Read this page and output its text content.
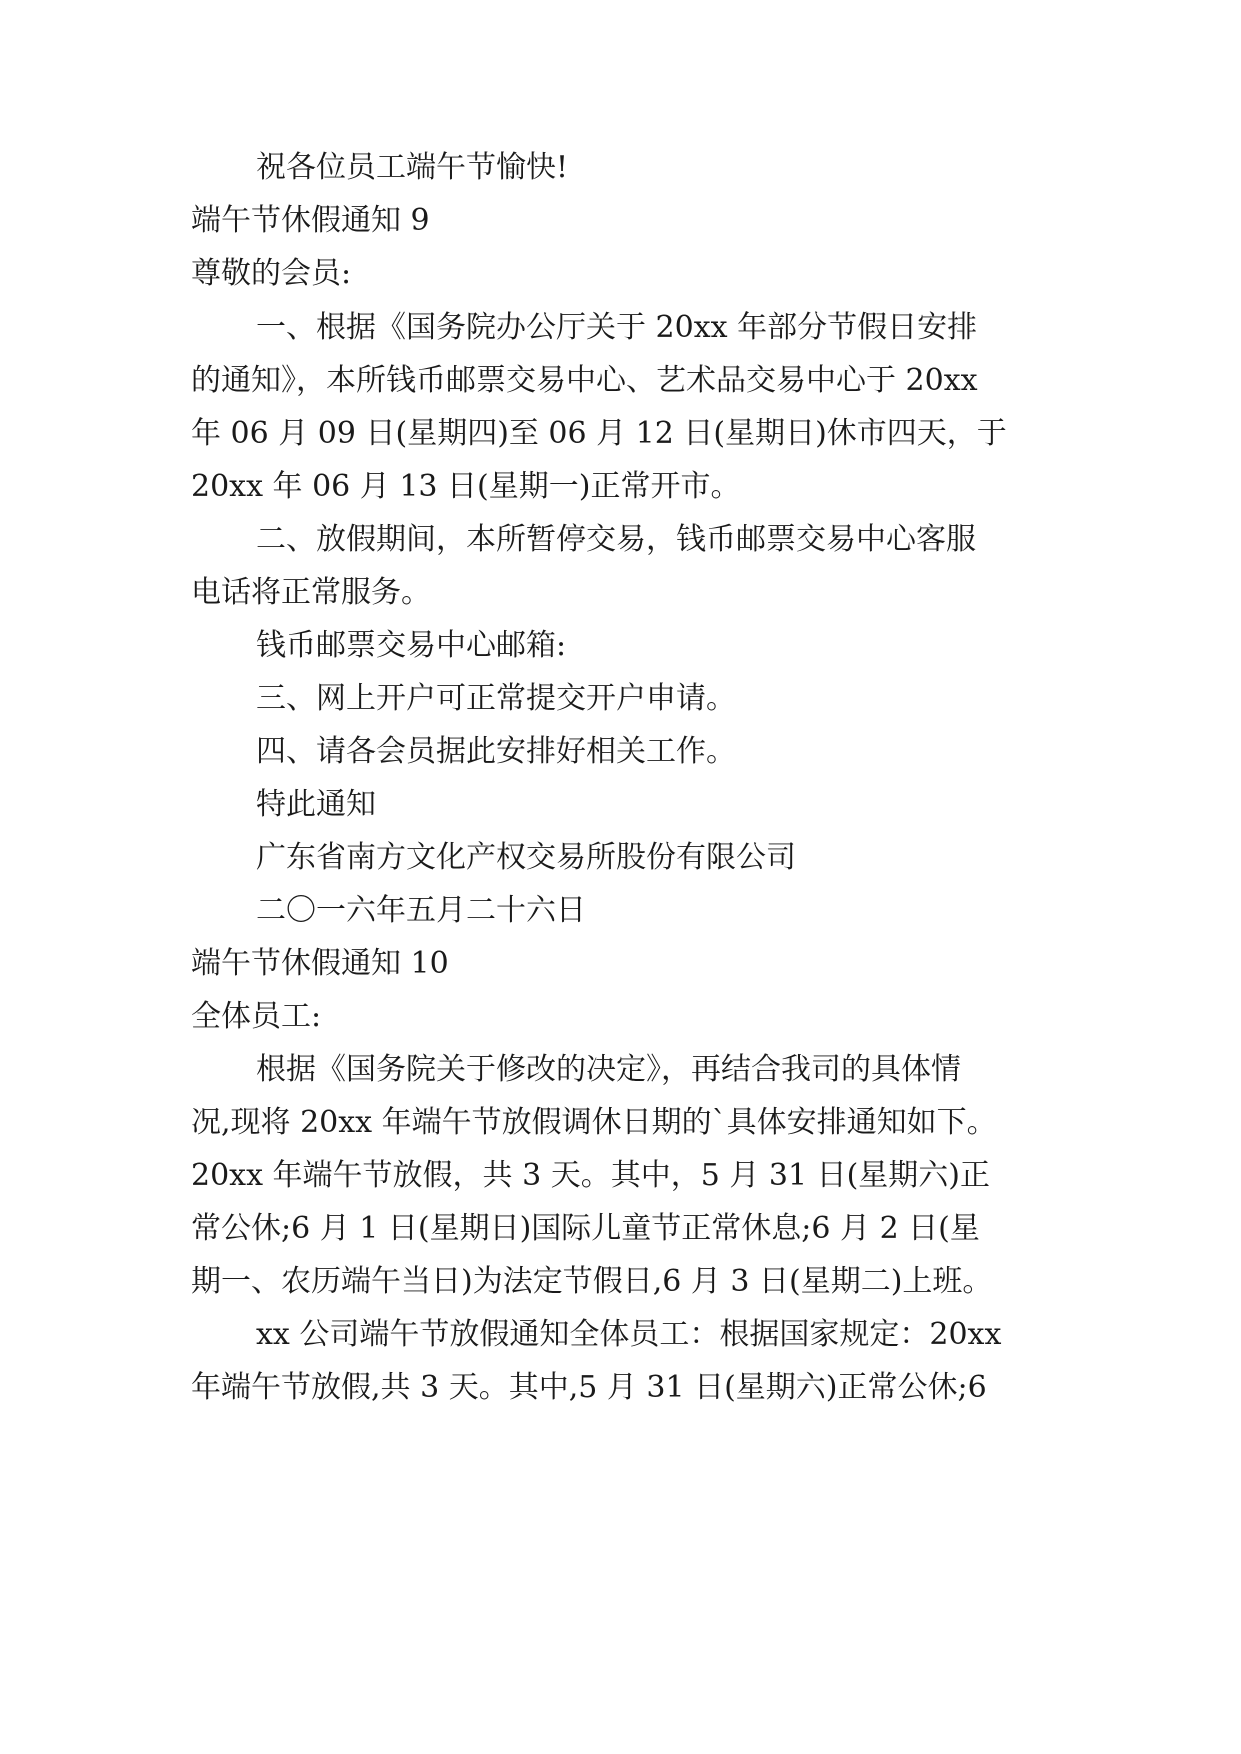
祝各位员工端午节愉快!

端午节休假通知 9

尊敬的会员:

一、根据《国务院办公厅关于 20xx 年部分节假日安排

的通知》，本所钱币邮票交易中心、艺术品交易中心于 20xx

年 06 月 09 日(星期四)至 06 月 12 日(星期日)休市四天，于

20xx 年 06 月 13 日(星期一)正常开市。

二、放假期间，本所暂停交易，钱币邮票交易中心客服

电话将正常服务。

钱币邮票交易中心邮箱:

三、网上开户可正常提交开户申请。

四、请各会员据此安排好相关工作。

特此通知

广东省南方文化产权交易所股份有限公司

二〇一六年五月二十六日

端午节休假通知 10

全体员工:

根据《国务院关于修改的决定》，再结合我司的具体情

况,现将 20xx 年端午节放假调休日期的`具体安排通知如下。

20xx 年端午节放假，共 3 天。其中，5 月 31 日(星期六)正

常公休;6 月 1 日(星期日)国际儿童节正常休息;6 月 2 日(星

期一、农历端午当日)为法定节假日,6 月 3 日(星期二)上班。

xx 公司端午节放假通知全体员工：根据国家规定：20xx

年端午节放假,共 3 天。其中,5 月 31 日(星期六)正常公休;6
